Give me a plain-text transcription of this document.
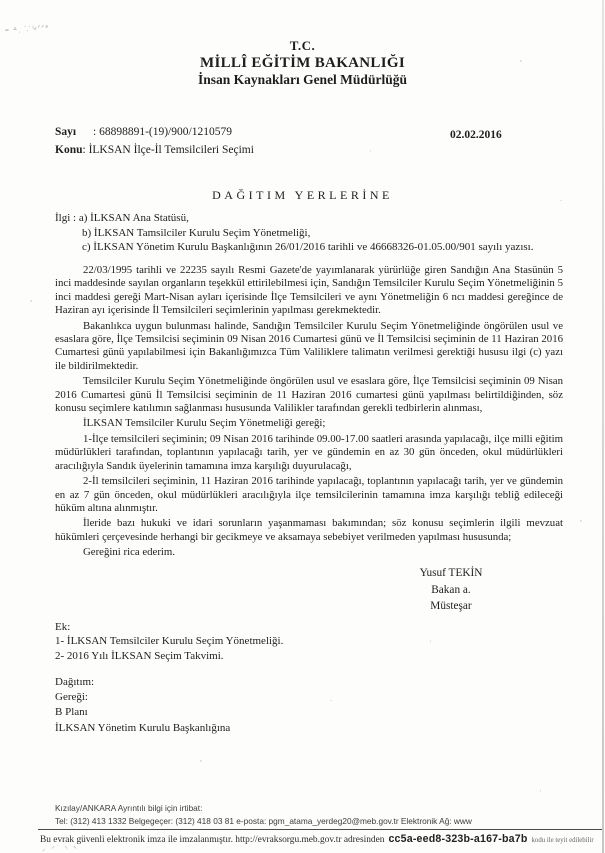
ᵕ̴ ⸛⸒ ⸪ ͥ⸗ᐟᐟᵃ
T.C.
MİLLÎ EĞİTİM BAKANLIĞI
İnsan Kaynakları Genel Müdürlüğü
Sayı : 68898891-(19)/900/1210579
Konu: İLKSAN İlçe-İl Temsilcileri Seçimi
02.02.2016
DAĞITIM YERLERİNE
İlgi : a) İLKSAN Ana Statüsü,
b) İLKSAN Tamsilciler Kurulu Seçim Yönetmeliği,
c) İLKSAN Yönetim Kurulu Başkanlığının 26/01/2016 tarihli ve 46668326-01.05.00/901 sayılı yazısı.

22/03/1995 tarihli ve 22235 sayılı Resmi Gazete'de yayımlanarak yürürlüğe giren Sandığın Ana Stasünün 5 inci maddesinde sayılan organların teşekkül ettirilebilmesi için, Sandığın Temsilciler Kurulu Seçim Yönetmeliğinin 5 inci maddesi gereği Mart-Nisan ayları içerisinde İlçe Temsilcileri ve aynı Yönetmeliğin 6 ncı maddesi gereğince de Haziran ayı içerisinde İl Temsilcileri seçimlerinin yapılması gerekmektedir.

Bakanlıkca uygun bulunması halinde, Sandığın Temsilciler Kurulu Seçim Yönetmeliğinde öngörülen usul ve esaslara göre, İlçe Temsilcisi seçiminin 09 Nisan 2016 Cumartesi günü ve İl Temsilcisi seçiminin de 11 Haziran 2016 Cumartesi günü yapılabilmesi için Bakanlığımızca Tüm Valiliklere talimatın verilmesi gerektiği hususu ilgi (c) yazı ile bildirilmektedir.

Temsilciler Kurulu Seçim Yönetmeliğinde öngörülen usul ve esaslara göre, İlçe Temsilcisi seçiminin 09 Nisan 2016 Cumartesi günü İl Temsilcisi seçiminin de 11 Haziran 2016 cumartesi günü yapılması belirtildiğinden, söz konusu seçimlere katılımın sağlanması hususunda Valilikler tarafından gerekli tedbirlerin alınması,

İLKSAN Temsilciler Kurulu Seçim Yönetmeliği gereği;

1-İlçe temsilcileri seçiminin; 09 Nisan 2016 tarihinde 09.00-17.00 saatleri arasında yapılacağı, ilçe milli eğitim müdürlükleri tarafından, toplantının yapılacağı tarih, yer ve gündemin en az 30 gün önceden, okul müdürlükleri aracılığıyla Sandık üyelerinin tamamına imza karşılığı duyurulacağı,

2-İl temsilcileri seçiminin, 11 Haziran 2016 tarihinde yapılacağı, toplantının yapılacağı tarih, yer ve gündemin en az 7 gün önceden, okul müdürlükleri aracılığıyla ilçe temsilcilerinin tamamına imza karşılığı tebliğ edileceği hüküm altına alınmıştır.

İleride bazı hukuki ve idari sorunların yaşanmaması bakımından; söz konusu seçimlerin ilgili mevzuat hükümleri çerçevesinde herhangi bir gecikmeye ve aksamaya sebebiyet verilmeden yapılması hususunda;

Gereğini rica ederim.

Yusuf TEKİN
Bakan a.
Müsteşar
Ek:
1- İLKSAN Temsilciler Kurulu Seçim Yönetmeliği.
2- 2016 Yılı İLKSAN Seçim Takvimi.
Dağıtım:
Gereği:
B Planı
İLKSAN Yönetim Kurulu Başkanlığına
Kızılay/ANKARA Ayrıntılı bilgi için irtibat:
Tel: (312) 413 1332 Belgegeçer: (312) 418 03 81 e-posta: pgm_atama_yerdeg20@meb.gov.tr Elektronik Ağ: www
Bu evrak güvenli elektronik imza ile imzalanmıştır. http://evraksorgu.meb.gov.tr adresinden cc5a-eed8-323b-a167-ba7b kodu ile teyit edilebilir
⸝ ⸍ ̀ ⸌ ᐠ
